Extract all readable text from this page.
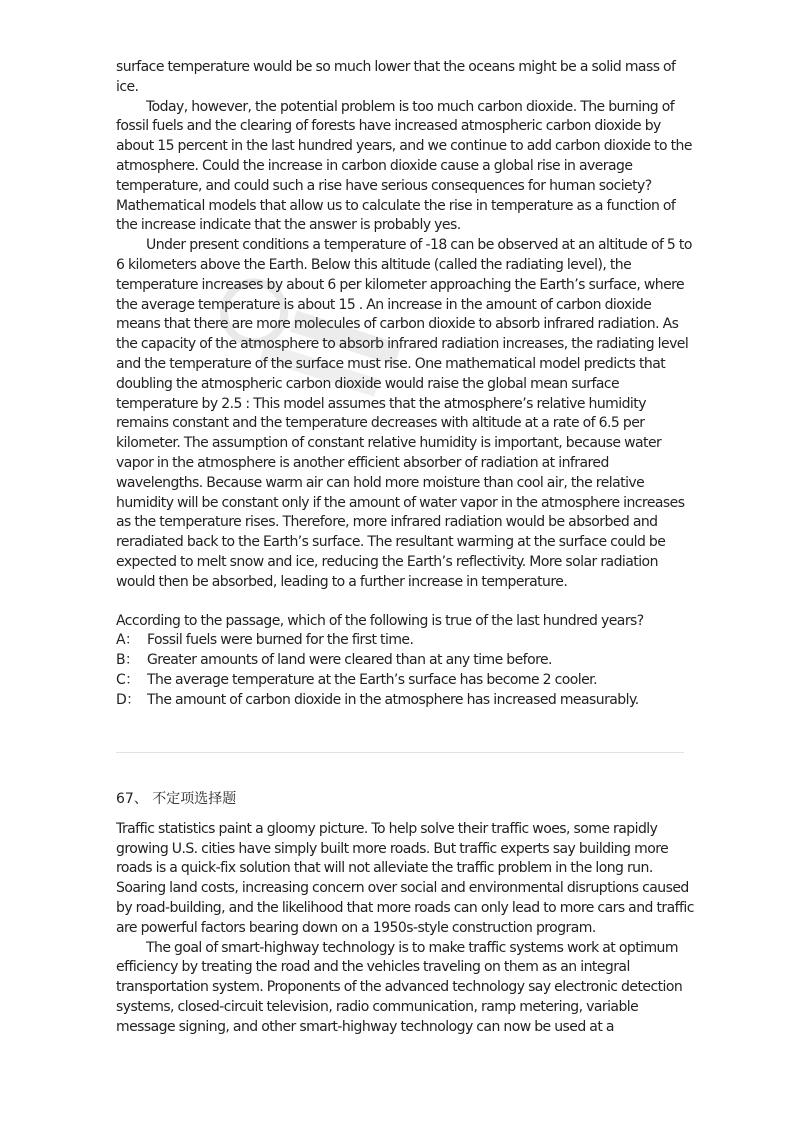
surface temperature would be so much lower that the oceans might be a solid mass of ice.

Today, however, the potential problem is too much carbon dioxide. The burning of fossil fuels and the clearing of forests have increased atmospheric carbon dioxide by about 15 percent in the last hundred years, and we continue to add carbon dioxide to the atmosphere. Could the increase in carbon dioxide cause a global rise in average temperature, and could such a rise have serious consequences for human society? Mathematical models that allow us to calculate the rise in temperature as a function of the increase indicate that the answer is probably yes.

Under present conditions a temperature of -18 can be observed at an altitude of 5 to 6 kilometers above the Earth. Below this altitude (called the radiating level), the temperature increases by about 6 per kilometer approaching the Earth’s surface, where the average temperature is about 15 . An increase in the amount of carbon dioxide means that there are more molecules of carbon dioxide to absorb infrared radiation. As the capacity of the atmosphere to absorb infrared radiation increases, the radiating level and the temperature of the surface must rise. One mathematical model predicts that doubling the atmospheric carbon dioxide would raise the global mean surface temperature by 2.5 : This model assumes that the atmosphere’s relative humidity remains constant and the temperature decreases with altitude at a rate of 6.5 per kilometer. The assumption of constant relative humidity is important, because water vapor in the atmosphere is another efficient absorber of radiation at infrared wavelengths. Because warm air can hold more moisture than cool air, the relative humidity will be constant only if the amount of water vapor in the atmosphere increases as the temperature rises. Therefore, more infrared radiation would be absorbed and reradiated back to the Earth’s surface. The resultant warming at the surface could be expected to melt snow and ice, reducing the Earth’s reflectivity. More solar radiation would then be absorbed, leading to a further increase in temperature.

According to the passage, which of the following is true of the last hundred years?

A： Fossil fuels were burned for the first time.
B： Greater amounts of land were cleared than at any time before.
C： The average temperature at the Earth’s surface has become 2 cooler.
D： The amount of carbon dioxide in the atmosphere has increased measurably.

67、 不定项选择题

Traffic statistics paint a gloomy picture. To help solve their traffic woes, some rapidly growing U.S. cities have simply built more roads. But traffic experts say building more roads is a quick-fix solution that will not alleviate the traffic problem in the long run. Soaring land costs, increasing concern over social and environmental disruptions caused by road-building, and the likelihood that more roads can only lead to more cars and traffic are powerful factors bearing down on a 1950s-style construction program.

The goal of smart-highway technology is to make traffic systems work at optimum efficiency by treating the road and the vehicles traveling on them as an integral transportation system. Proponents of the advanced technology say electronic detection systems, closed-circuit television, radio communication, ramp metering, variable message signing, and other smart-highway technology can now be used at a
